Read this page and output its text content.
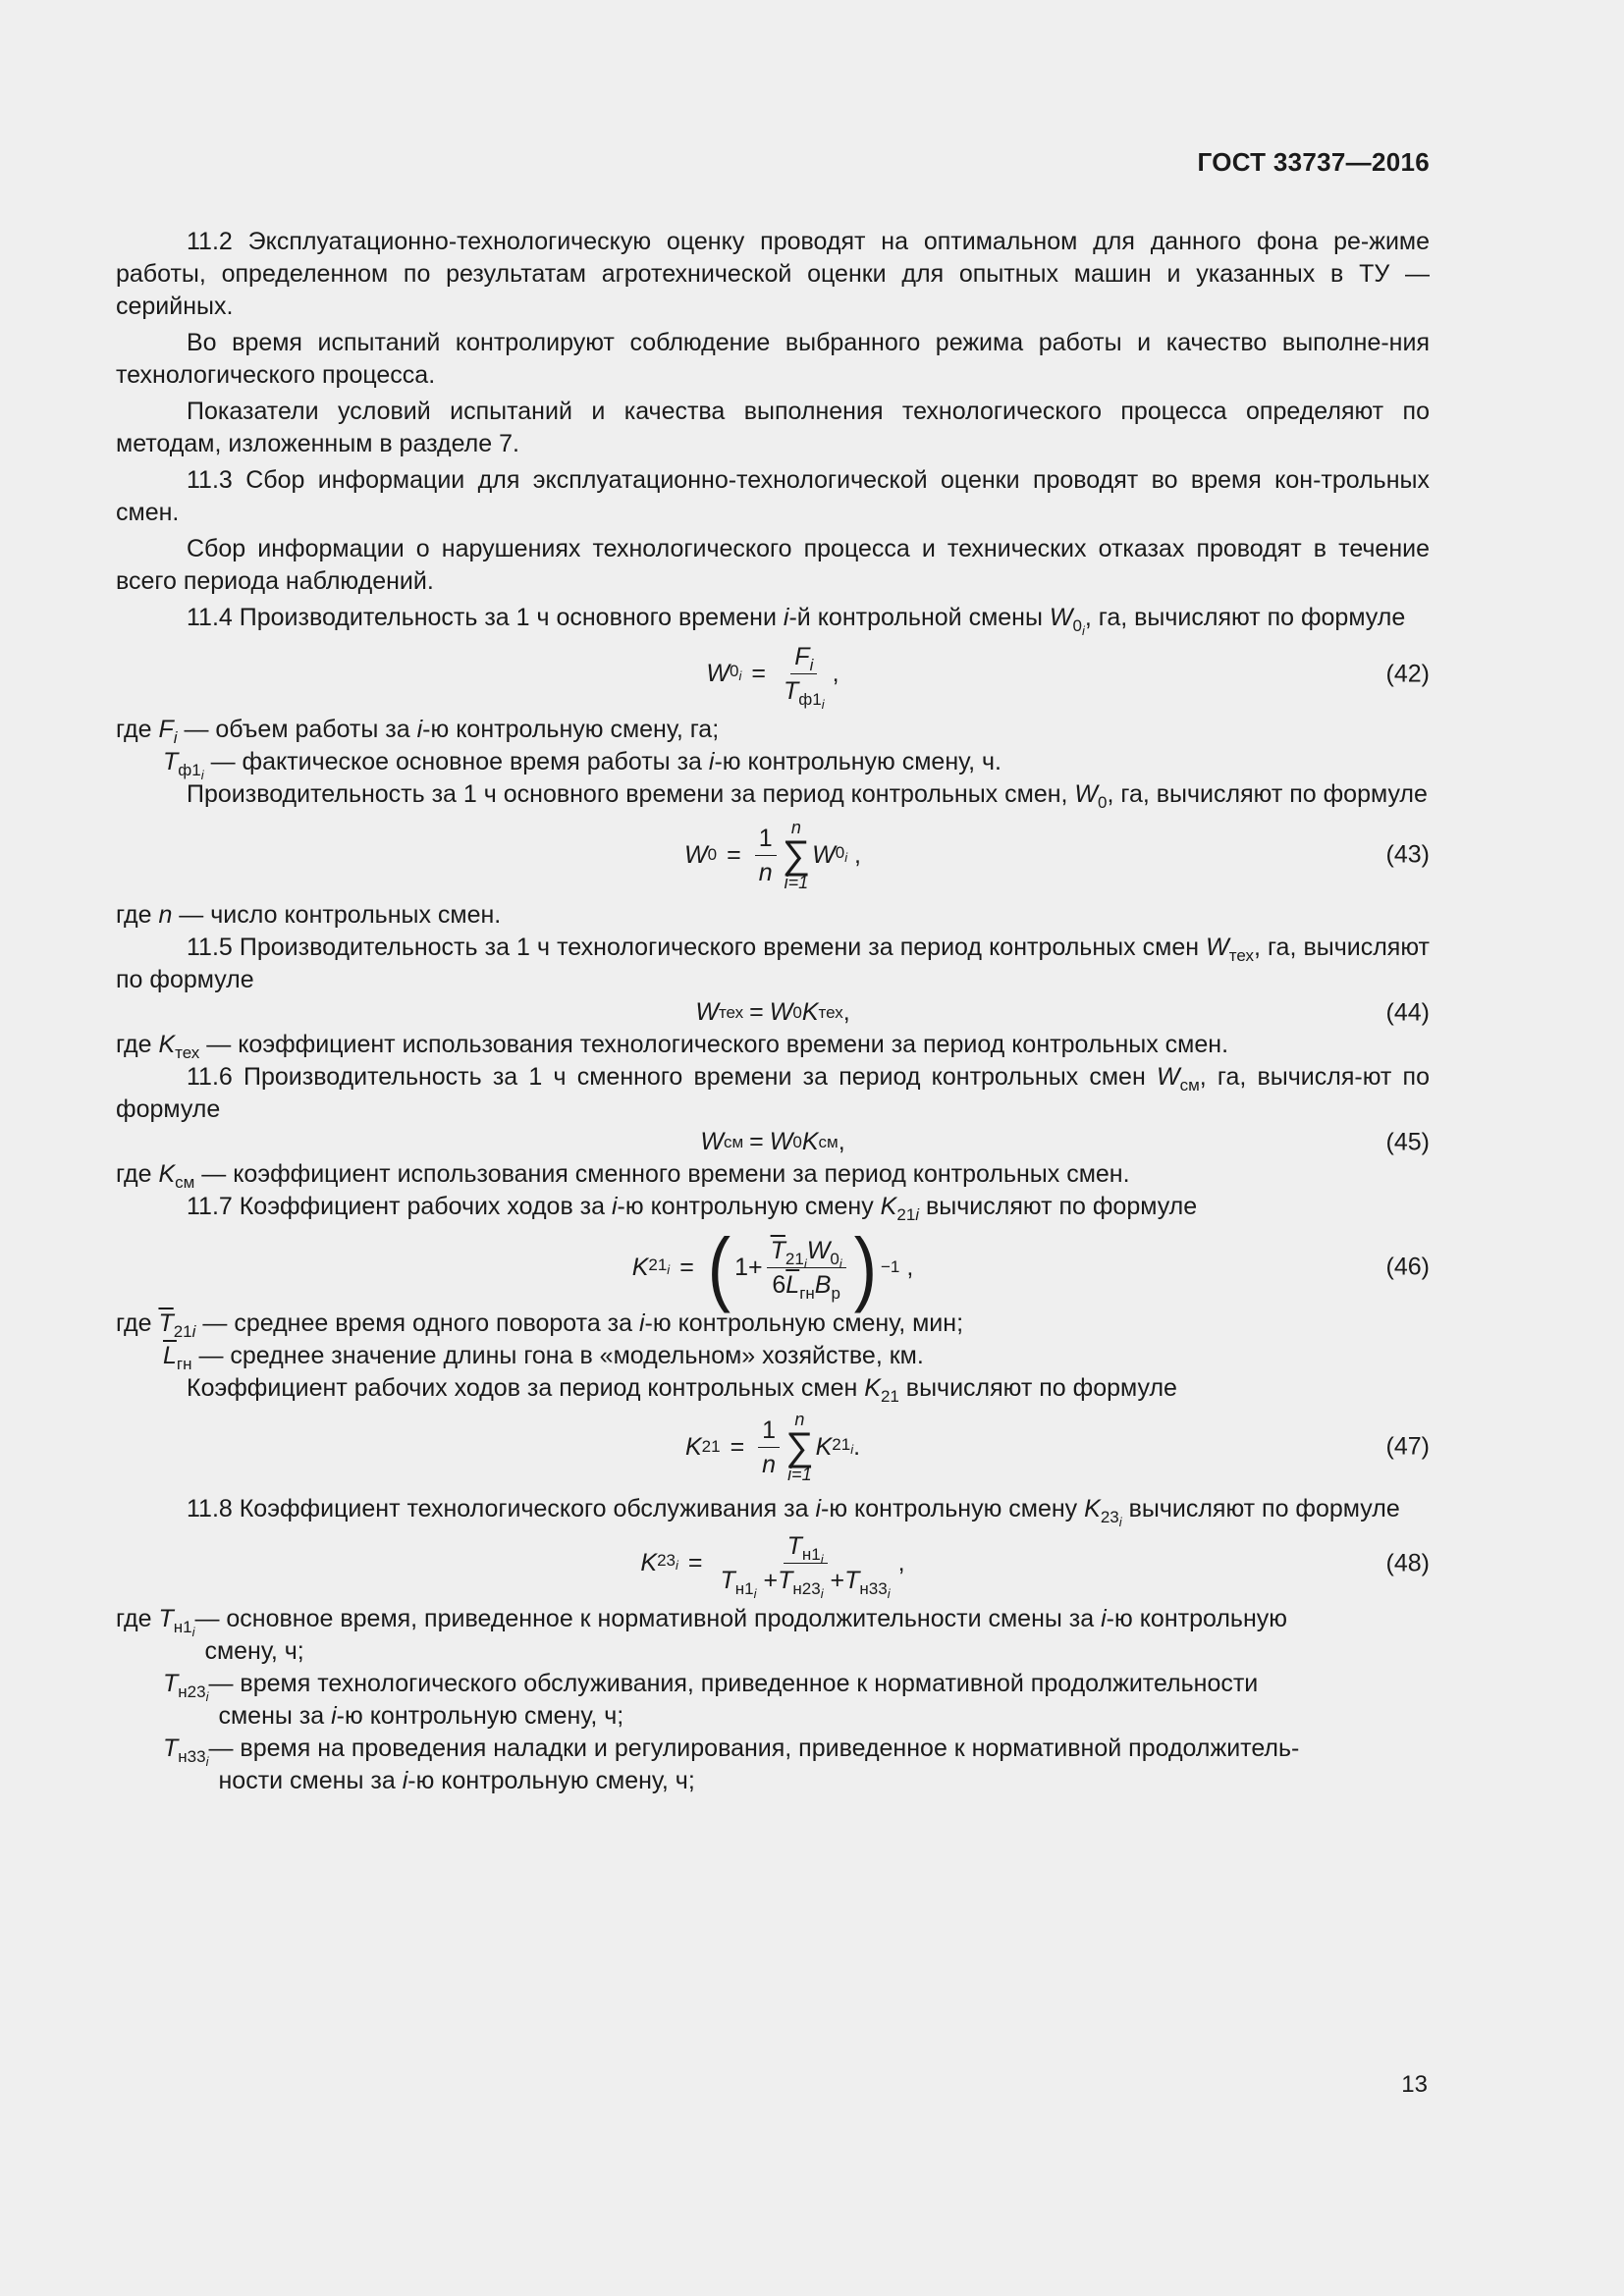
ГОСТ 33737—2016

11.2 Эксплуатационно-технологическую оценку проводят на оптимальном для данного фона ре-жиме работы, определенном по результатам агротехнической оценки для опытных машин и указанных в ТУ — серийных.

Во время испытаний контролируют соблюдение выбранного режима работы и качество выполне-ния технологического процесса.

Показатели условий испытаний и качества выполнения технологического процесса определяют по методам, изложенным в разделе 7.

11.3 Сбор информации для эксплуатационно-технологической оценки проводят во время кон-трольных смен.

Сбор информации о нарушениях технологического процесса и технических отказах проводят в течение всего периода наблюдений.

11.4 Производительность за 1 ч основного времени i-й контрольной смены $W_{0_i}$, га, вычисляют по формуле

W $0_i = \frac{F_i}{T_{ф1_i}}$ ,	(42)

где $F_i$ — объем работы за i-ю контрольную смену, га;

$T_{ф1_i}$ — фактическое основное время работы за i-ю контрольную смену, ч.

Производительность за 1 ч основного времени за период контрольных смен, $W_0$, га, вычисляют по формуле

W $0 = \frac{1}{n}$ n
∑
i=1
W $0_i$
,	(43)

где n — число контрольных смен.

11.5 Производительность за 1 ч технологического времени за период контрольных смен $W_{тех}$, га, вычисляют по формуле

W тех = W 0 K тех ,	(44)

где $K_{тех}$ — коэффициент использования технологического времени за период контрольных смен.

11.6 Производительность за 1 ч сменного времени за период контрольных смен $W_{см}$, га, вычисля-ют по формуле

W см = W 0 K см ,	(45)

где $K_{см}$ — коэффициент использования сменного времени за период контрольных смен.

11.7 Коэффициент рабочих ходов за i-ю контрольную смену $K_{21i}$ вычисляют по формуле

K $21_i$ = ( $1+ \frac{\overline{T}_{21_i}W_{0_i}}{6\overline{L}_{гн}B_р}$ ) −1
,	(46)

где $\overline{T}_{21i}$ — среднее время одного поворота за i-ю контрольную смену, мин;

$\overline{L}_{гн}$ — среднее значение длины гона в «модельном» хозяйстве, км.

Коэффициент рабочих ходов за период контрольных смен $K_{21}$ вычисляют по формуле

K $21 = \frac{1}{n}$ n
∑
i=1
K $21_i$ .	(47)

11.8 Коэффициент технологического обслуживания за i-ю контрольную смену $K_{23_i}$ вычисляют по формуле

K $23_i = \frac{T_{н1_i}}{T_{н1_i} +T_{н23_i} +T_{н33_i}}$ ,	(48)
где $T_{н1_i}$ — основное время, приведенное к нормативной продолжительности смены за i-ю контрольную
смену, ч;
$T_{н23_i}$ — время технологического обслуживания, приведенное к нормативной продолжительности
смены за i-ю контрольную смену, ч;
$T_{н33_i}$ — время на проведения наладки и регулирования, приведенное к нормативной продолжитель-
ности смены за i-ю контрольную смену, ч;
13
